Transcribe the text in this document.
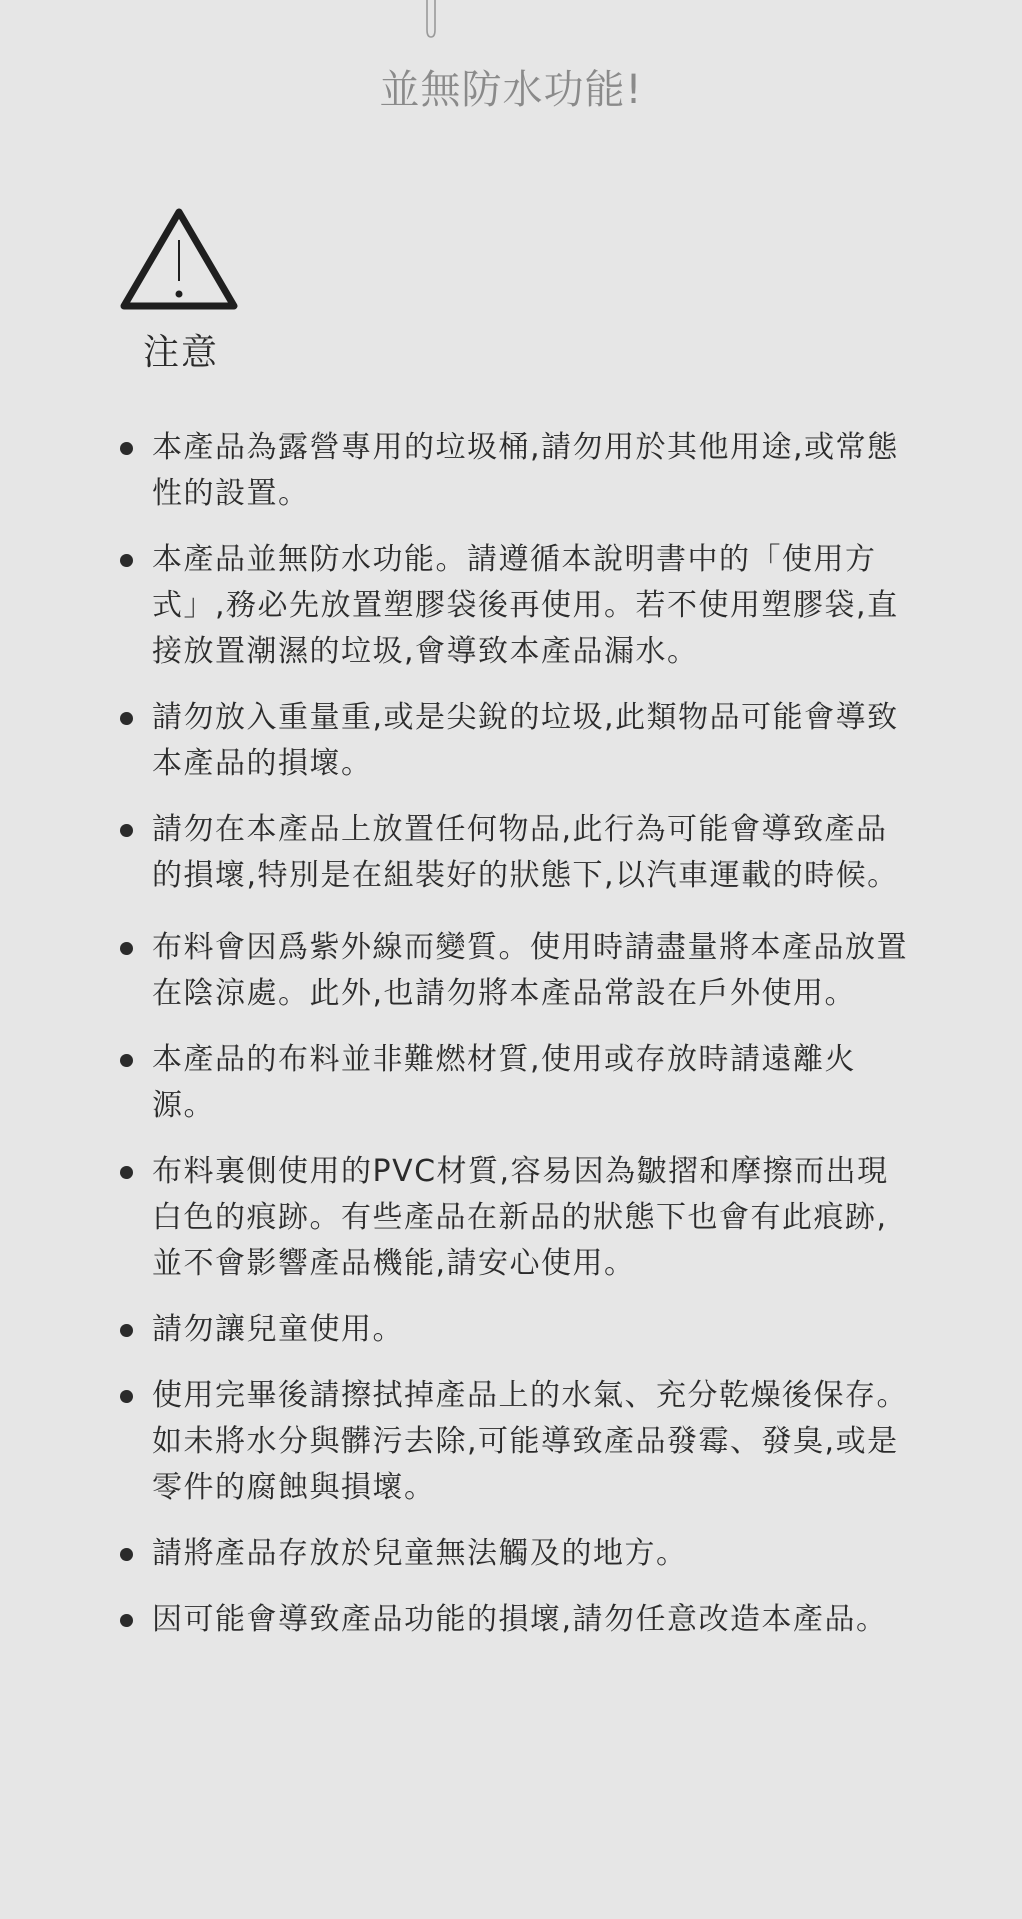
並無防水功能!
注意
本產品為露營專用的垃圾桶,請勿用於其他用途,或常態性的設置。
本產品並無防水功能。請遵循本說明書中的「使用方式」,務必先放置塑膠袋後再使用。若不使用塑膠袋,直接放置潮濕的垃圾,會導致本產品漏水。
請勿放入重量重,或是尖銳的垃圾,此類物品可能會導致本產品的損壞。
請勿在本產品上放置任何物品,此行為可能會導致產品的損壞,特別是在組裝好的狀態下,以汽車運載的時候。
布料會因爲紫外線而變質。使用時請盡量將本產品放置在陰涼處。此外,也請勿將本產品常設在戶外使用。
本產品的布料並非難燃材質,使用或存放時請遠離火源。
布料裏側使用的PVC材質,容易因為皺摺和摩擦而出現白色的痕跡。有些產品在新品的狀態下也會有此痕跡,並不會影響產品機能,請安心使用。
請勿讓兒童使用。
使用完畢後請擦拭掉產品上的水氣、充分乾燥後保存。如未將水分與髒污去除,可能導致產品發霉、發臭,或是零件的腐蝕與損壞。
請將產品存放於兒童無法觸及的地方。
因可能會導致產品功能的損壞,請勿任意改造本產品。
